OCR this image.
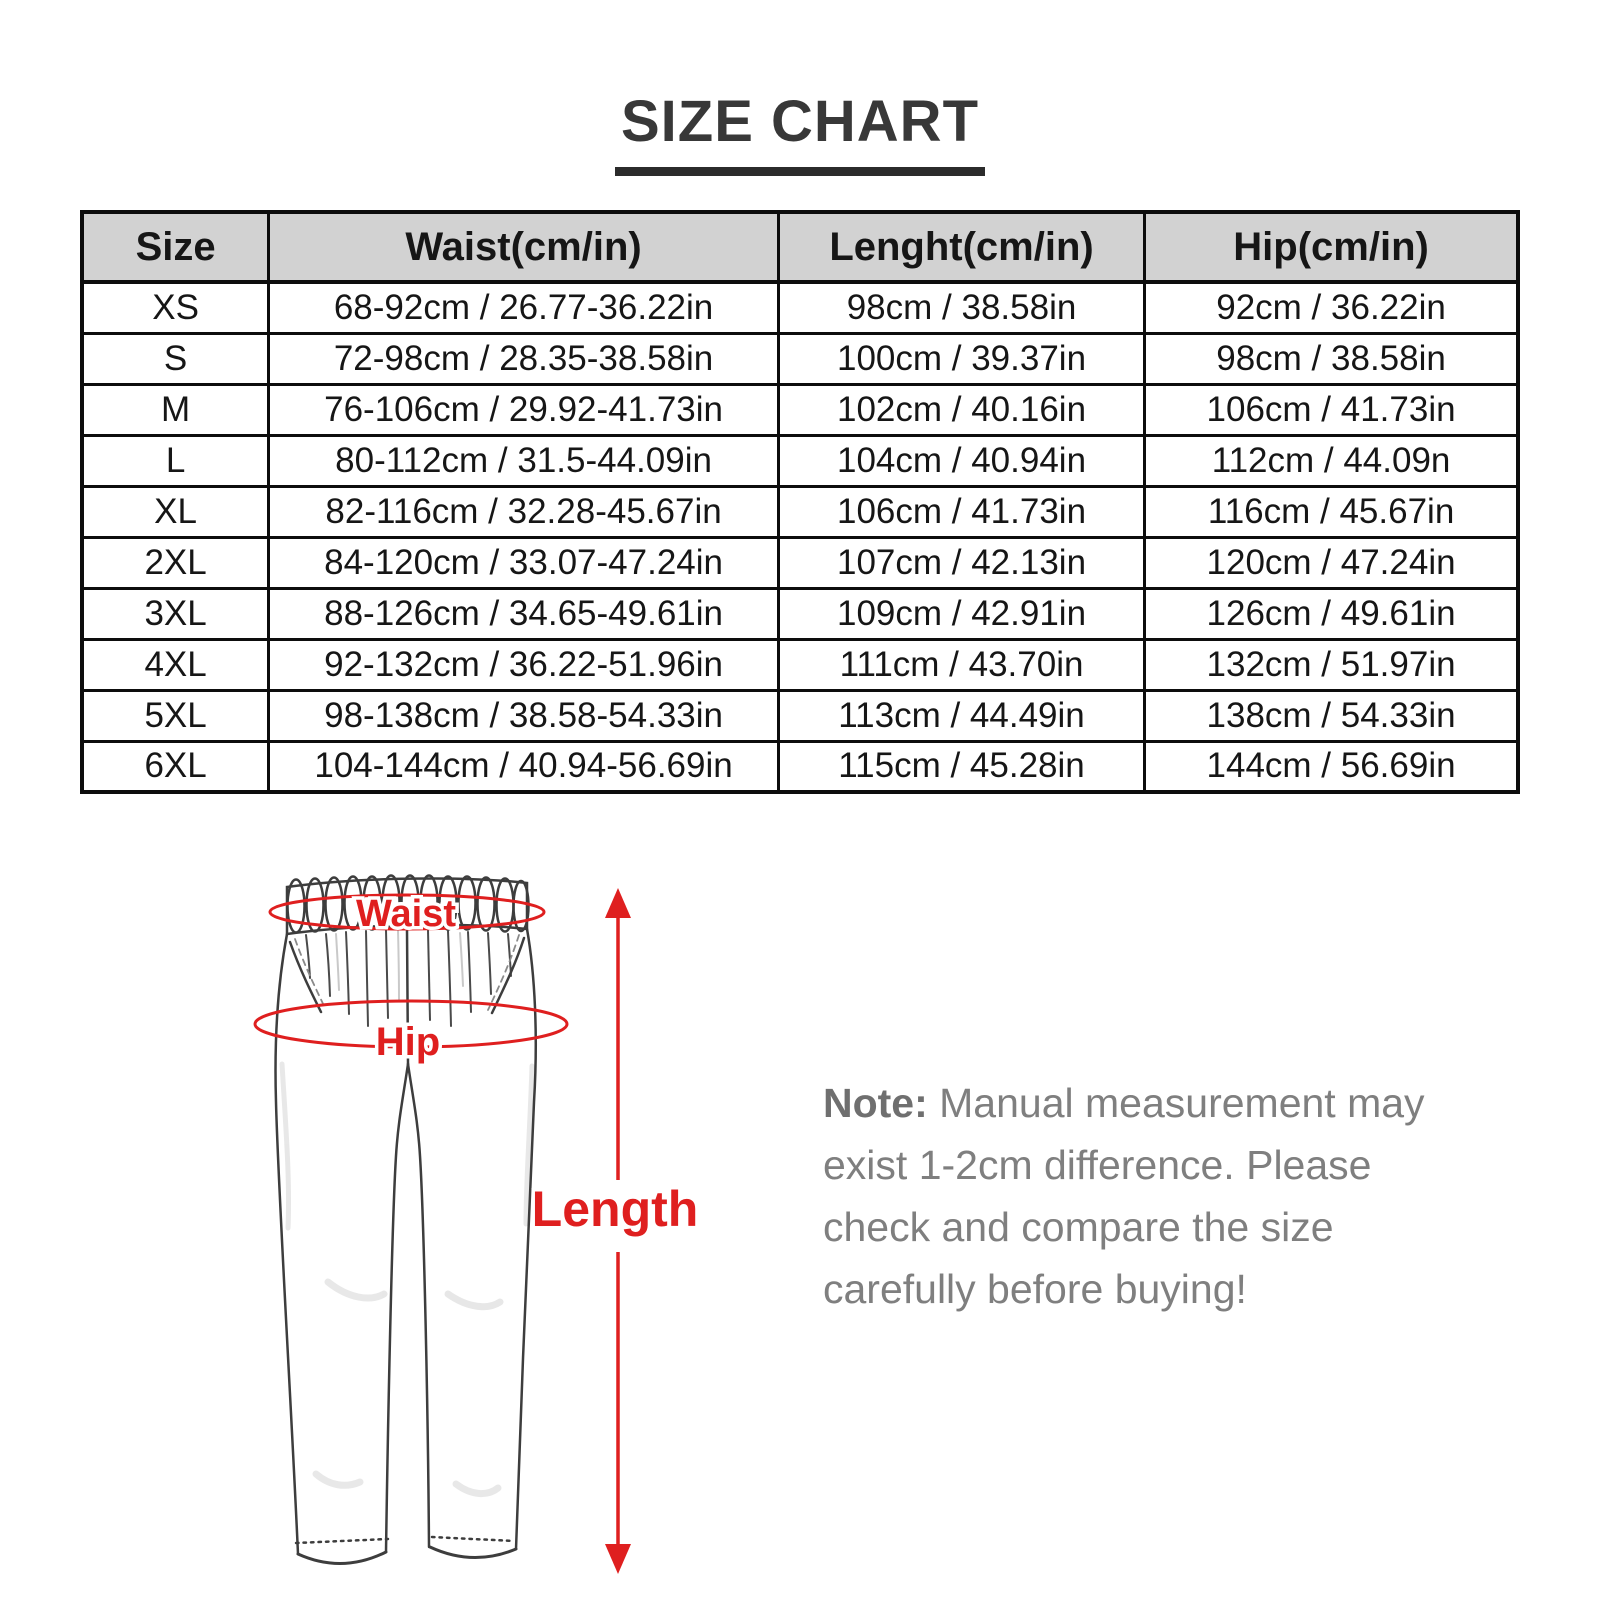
SIZE CHART
Size	Waist(cm/in)	Lenght(cm/in)	Hip(cm/in)
XS	68-92cm / 26.77-36.22in	98cm / 38.58in	92cm / 36.22in
S	72-98cm / 28.35-38.58in	100cm / 39.37in	98cm / 38.58in
M	76-106cm / 29.92-41.73in	102cm / 40.16in	106cm / 41.73in
L	80-112cm / 31.5-44.09in	104cm / 40.94in	112cm / 44.09n
XL	82-116cm / 32.28-45.67in	106cm / 41.73in	116cm / 45.67in
2XL	84-120cm / 33.07-47.24in	107cm / 42.13in	120cm / 47.24in
3XL	88-126cm / 34.65-49.61in	109cm / 42.91in	126cm / 49.61in
4XL	92-132cm / 36.22-51.96in	111cm / 43.70in	132cm / 51.97in
5XL	98-138cm / 38.58-54.33in	113cm / 44.49in	138cm / 54.33in
6XL	104-144cm / 40.94-56.69in	115cm / 45.28in	144cm / 56.69in
Waist
Hip
Length
Note: Manual measurement may exist 1-2cm difference. Please check and compare the size carefully before buying!
